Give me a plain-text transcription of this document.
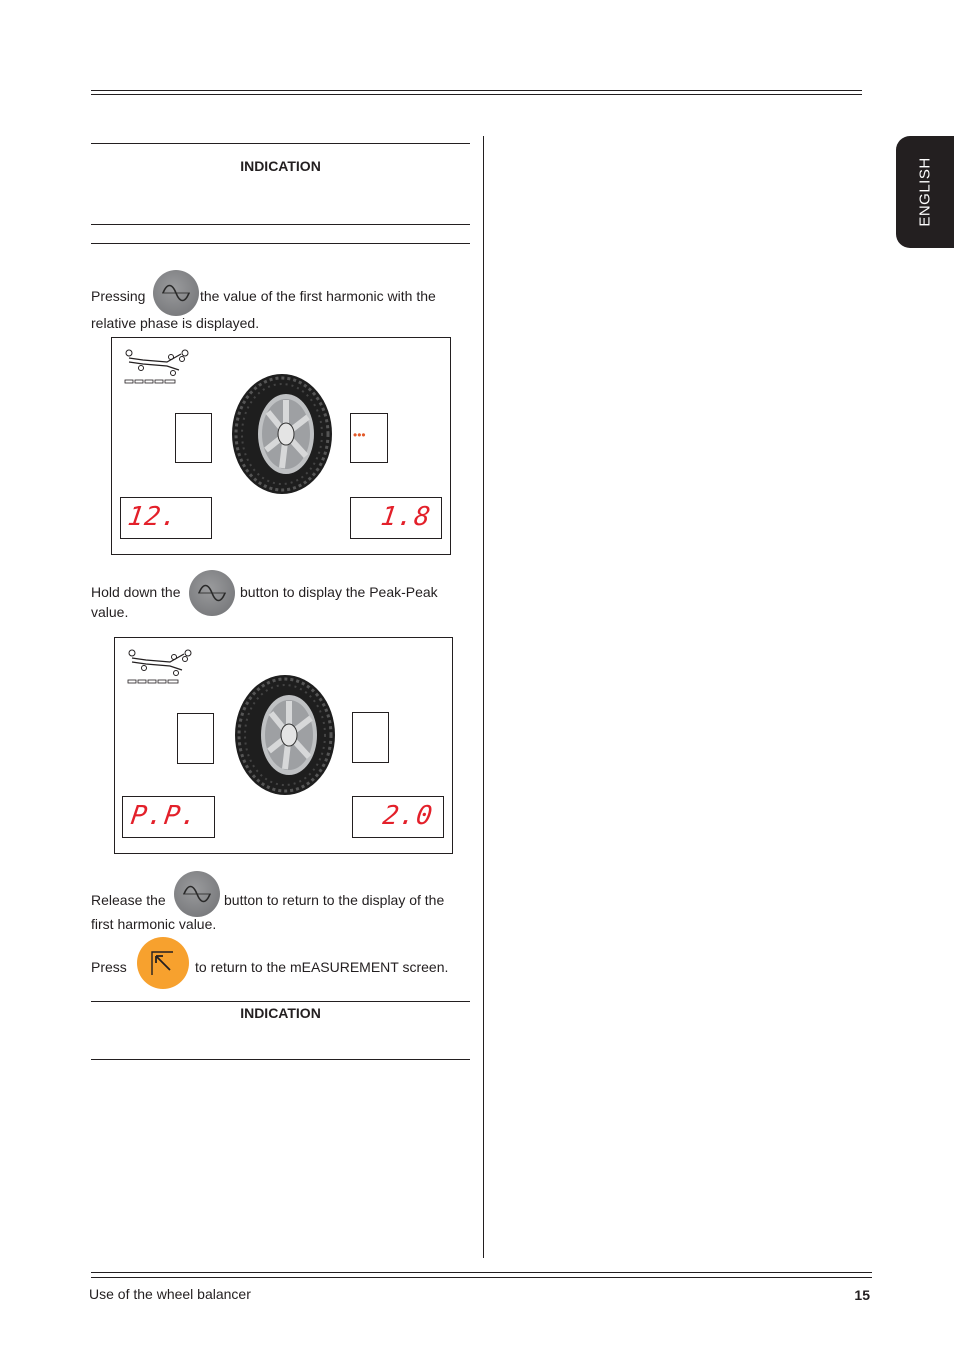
ENGLISH
INDICATION
Pressing	the value of the first harmonic with the
relative phase is displayed.
•••
12.	1.8
Hold down the	button to display the Peak-Peak
value.
P.P.	2.0
Release the	button to return to the display of the
first harmonic value.
Press	to return to the mEASUREMENT screen.
INDICATION
Use of the wheel balancer	15
